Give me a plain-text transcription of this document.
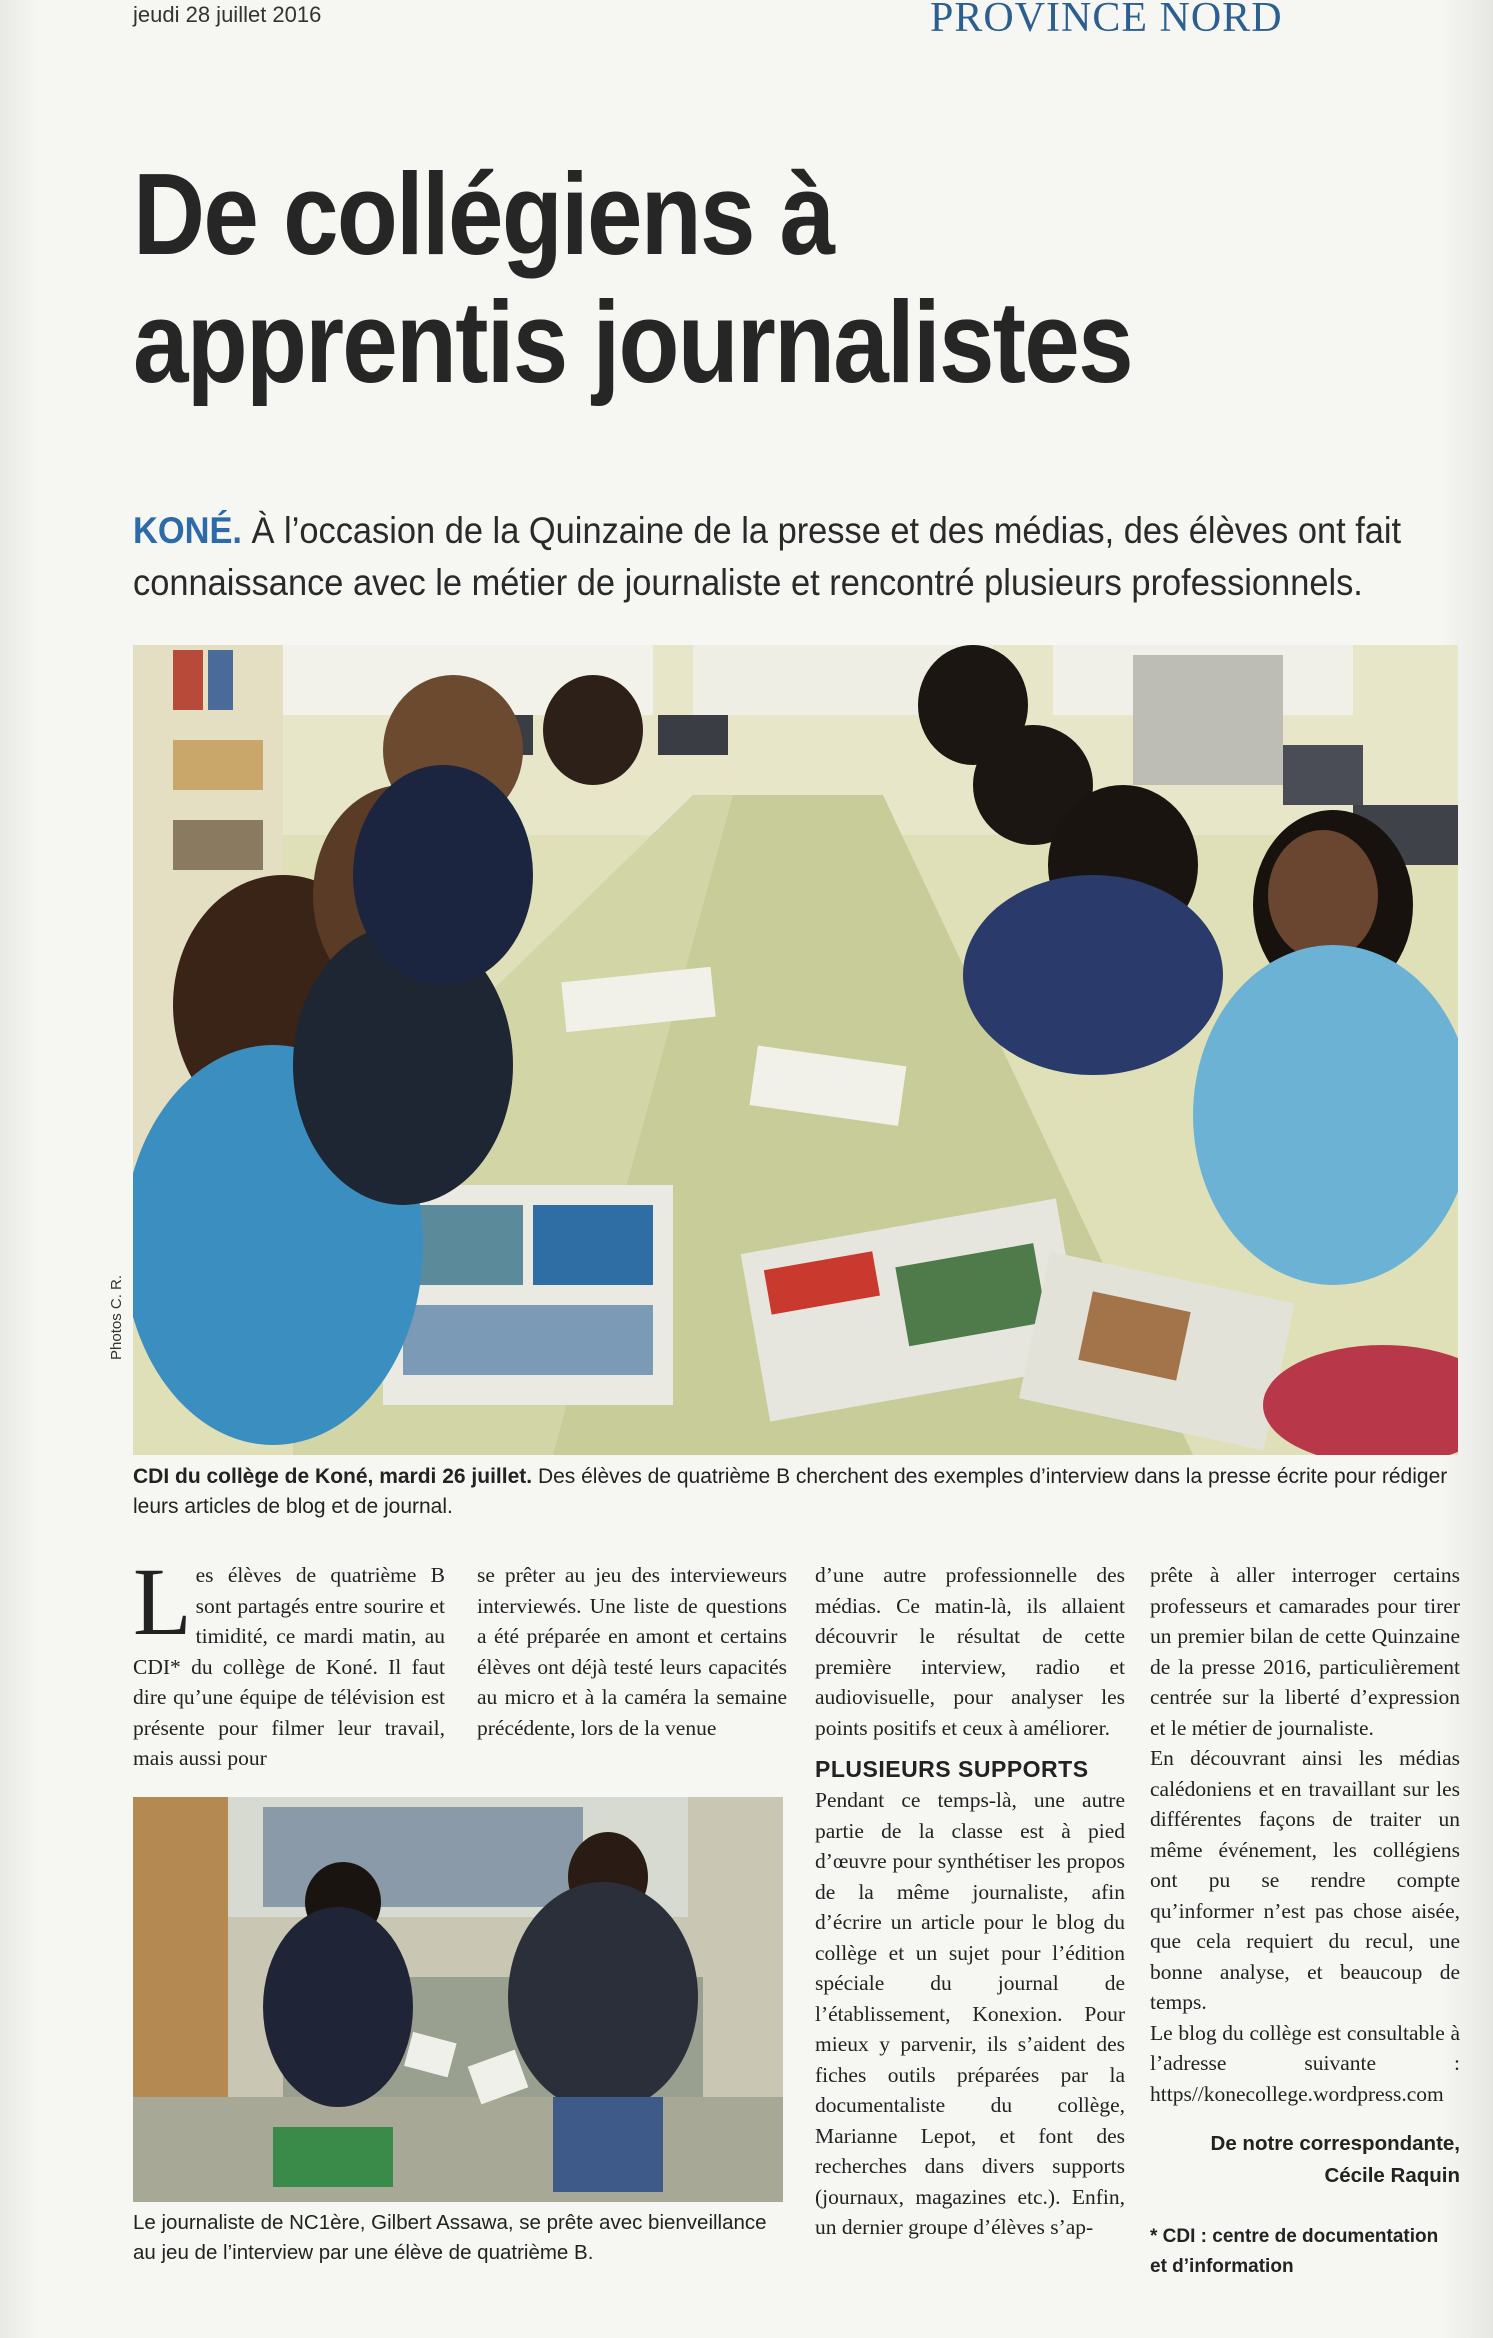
jeudi 28 juillet 2016	PROVINCE NORD
De collégiens à
apprentis journalistes
KONÉ. À l’occasion de la Quinzaine de la presse et des médias, des élèves ont fait connaissance avec le métier de journaliste et rencontré plusieurs professionnels.
Photos C. R.
CDI du collège de Koné, mardi 26 juillet. Des élèves de quatrième B cherchent des exemples d’interview dans la presse écrite pour rédiger leurs articles de blog et de journal.

Les élèves de quatrième B sont partagés entre sourire et timidité, ce mardi matin, au CDI* du collège de Koné. Il faut dire qu’une équipe de télévision est présente pour filmer leur travail, mais aussi pour

se prêter au jeu des intervieweurs interviewés. Une liste de questions a été préparée en amont et certains élèves ont déjà testé leurs capacités au micro et à la caméra la semaine précédente, lors de la venue

Le journaliste de NC1ère, Gilbert Assawa, se prête avec bienveillance au jeu de l’interview par une élève de quatrième B.

d’une autre professionnelle des médias. Ce matin-là, ils allaient découvrir le résultat de cette première interview, radio et audiovisuelle, pour analyser les points positifs et ceux à améliorer.

PLUSIEURS SUPPORTS

Pendant ce temps-là, une autre partie de la classe est à pied d’œuvre pour synthétiser les propos de la même journaliste, afin d’écrire un article pour le blog du collège et un sujet pour l’édition spéciale du journal de l’établissement, Konexion. Pour mieux y parvenir, ils s’aident des fiches outils préparées par la documentaliste du collège, Marianne Lepot, et font des recherches dans divers supports (journaux, magazines etc.). Enfin, un dernier groupe d’élèves s’ap-

prête à aller interroger certains professeurs et camarades pour tirer un premier bilan de cette Quinzaine de la presse 2016, particulièrement centrée sur la liberté d’expression et le métier de journaliste.

En découvrant ainsi les médias calédoniens et en travaillant sur les différentes façons de traiter un même événement, les collégiens ont pu se rendre compte qu’informer n’est pas chose aisée, que cela requiert du recul, une bonne analyse, et beaucoup de temps.

Le blog du collège est consultable à l’adresse suivante : https//konecollege.wordpress.com

De notre correspondante,
Cécile Raquin
* CDI : centre de documentation et d’information
